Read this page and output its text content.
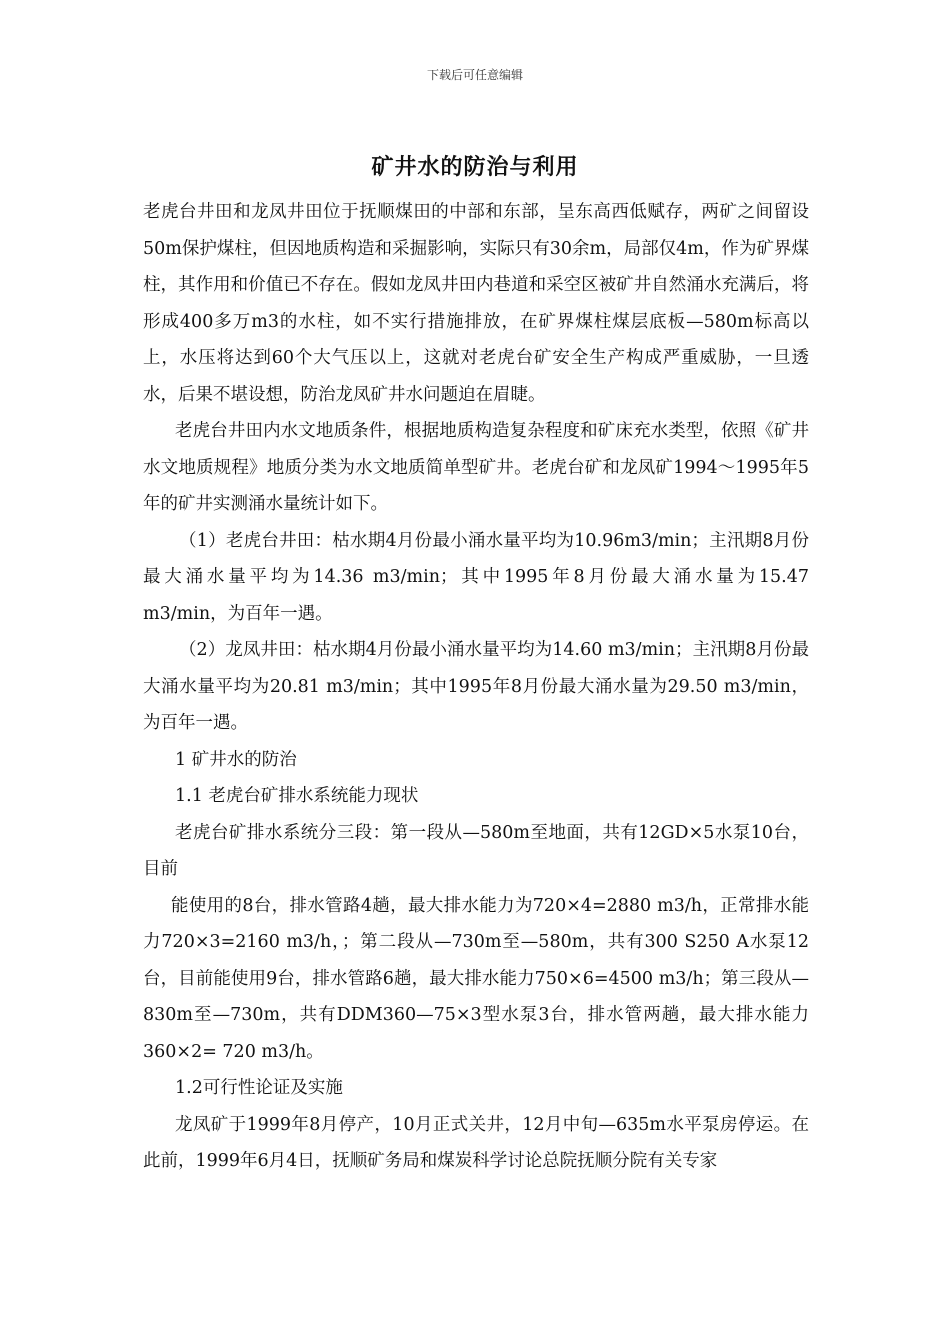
下载后可任意编辑
矿井水的防治与利用

老虎台井田和龙凤井田位于抚顺煤田的中部和东部，呈东高西低赋存，两矿之间留设50m保护煤柱，但因地质构造和采掘影响，实际只有30余m，局部仅4m，作为矿界煤柱，其作用和价值已不存在。假如龙凤井田内巷道和采空区被矿井自然涌水充满后，将形成400多万m3的水柱，如不实行措施排放，在矿界煤柱煤层底板—580m标高以上，水压将达到60个大气压以上，这就对老虎台矿安全生产构成严重威胁，一旦透水，后果不堪设想，防治龙凤矿井水问题迫在眉睫。

老虎台井田内水文地质条件，根据地质构造复杂程度和矿床充水类型，依照《矿井水文地质规程》地质分类为水文地质简单型矿井。老虎台矿和龙凤矿1994～1995年5年的矿井实测涌水量统计如下。

（1）老虎台井田：枯水期4月份最小涌水量平均为10.96m3/min；主汛期8月份最大涌水量平均为14.36 m3/min；其中1995年8月份最大涌水量为15.47 m3/min，为百年一遇。

（2）龙凤井田：枯水期4月份最小涌水量平均为14.60 m3/min；主汛期8月份最大涌水量平均为20.81 m3/min；其中1995年8月份最大涌水量为29.50 m3/min，为百年一遇。

1 矿井水的防治

1.1 老虎台矿排水系统能力现状

老虎台矿排水系统分三段：第一段从—580m至地面，共有12GD×5水泵10台，目前

能使用的8台，排水管路4趟，最大排水能力为720×4=2880 m3/h，正常排水能力720×3=2160 m3/h，；第二段从—730m至—580m，共有300 S250 A水泵12台，目前能使用9台，排水管路6趟，最大排水能力750×6=4500 m3/h；第三段从—830m至—730m，共有DDM360—75×3型水泵3台，排水管两趟，最大排水能力360×2= 720 m3/h。

1.2可行性论证及实施

龙凤矿于1999年8月停产，10月正式关井，12月中旬—635m水平泵房停运。在此前，1999年6月4日，抚顺矿务局和煤炭科学讨论总院抚顺分院有关专家
